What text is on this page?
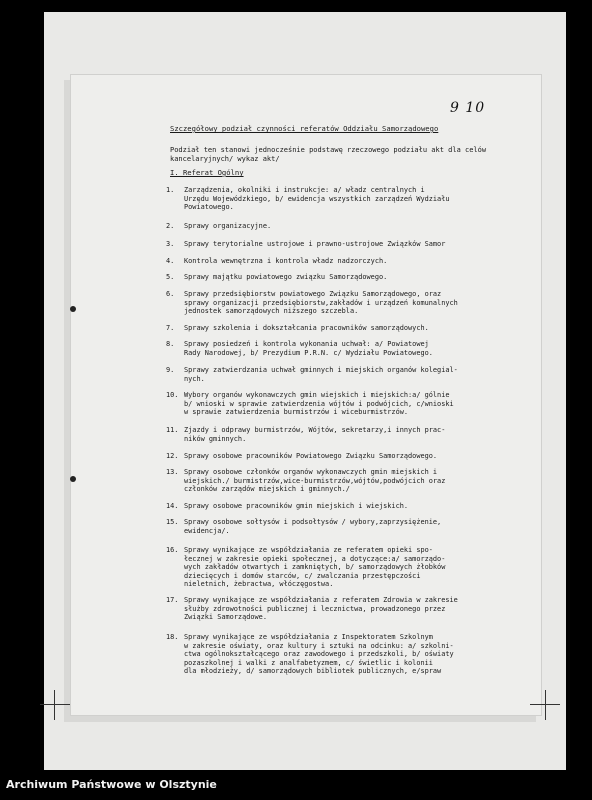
9 10
Szczegółowy podział czynności referatów Oddziału Samorządowego
Podział ten stanowi jednocześnie podstawę rzeczowego podziału akt dla celów kancelaryjnych/ wykaz akt/
I. Referat Ogólny
1.	Zarządzenia, okolniki i instrukcje: a/ władz centralnych i
Urzędu Wojewódzkiego, b/ ewidencja wszystkich zarządzeń Wydziału
Powiatowego.
2.	Sprawy organizacyjne.
3.	Sprawy terytorialne ustrojowe i prawno-ustrojowe Związków Samor
4.	Kontrola wewnętrzna i kontrola władz nadzorczych.
5.	Sprawy majątku powiatowego związku Samorządowego.
6.	Sprawy przedsiębiorstw powiatowego Związku Samorządowego, oraz
sprawy organizacji przedsiębiorstw,zakładów i urządzeń komunalnych
jednostek samorządowych niższego szczebla.
7.	Sprawy szkolenia i dokształcania pracowników samorządowych.
8.	Sprawy posiedzeń i kontrola wykonania uchwał: a/ Powiatowej
Rady Narodowej, b/ Prezydium P.R.N. c/ Wydziału Powiatowego.
9.	Sprawy zatwierdzania uchwał gminnych i miejskich organów kolegial-
nych.
10. Wybory organów wykonawczych gmin wiejskich i miejskich:a/ gólnie
b/ wnioski w sprawie zatwierdzenia wójtów i podwójcich, c/wnioski
w sprawie zatwierdzenia burmistrzów i wiceburmistrzów.
11. Zjazdy i odprawy burmistrzów, Wójtów, sekretarzy,i innych prac-
ników gminnych.
12. Sprawy osobowe pracowników Powiatowego Związku Samorządowego.
13. Sprawy osobowe członków organów wykonawczych gmin miejskich i
wiejskich./ burmistrzów,wice-burmistrzów,wójtów,podwójcich oraz
członków zarządów miejskich i gminnych./
14. Sprawy osobowe pracowników gmin miejskich i wiejskich.
15. Sprawy osobowe sołtysów i podsołtysów / wybory,zaprzysiężenie,
ewidencja/.
16. Sprawy wynikające ze współdziałania ze referatem opieki spo-
łecznej w zakresie opieki społecznej, a dotyczące:a/ samorządo-
wych zakładów otwartych i zamkniętych, b/ samorządowych żłobków
dziecięcych i domów starców, c/ zwalczania przestępczości
nieletnich, żebractwa, włóczęgostwa.
17. Sprawy wynikające ze współdziałania z referatem Zdrowia w zakresie
służby zdrowotności publicznej i lecznictwa, prowadzonego przez
Związki Samorządowe.
18. Sprawy wynikające ze współdziałania z Inspektoratem Szkolnym
w zakresie oświaty, oraz kultury i sztuki na odcinku: a/ szkolni-
ctwa ogólnokształcącego oraz zawodowego i przedszkoli, b/ oświaty
pozaszkolnej i walki z analfabetyzmem, c/ świetlic i kolonii
dla młodzieży, d/ samorządowych bibliotek publicznych, e/spraw
Archiwum Państwowe w Olsztynie
